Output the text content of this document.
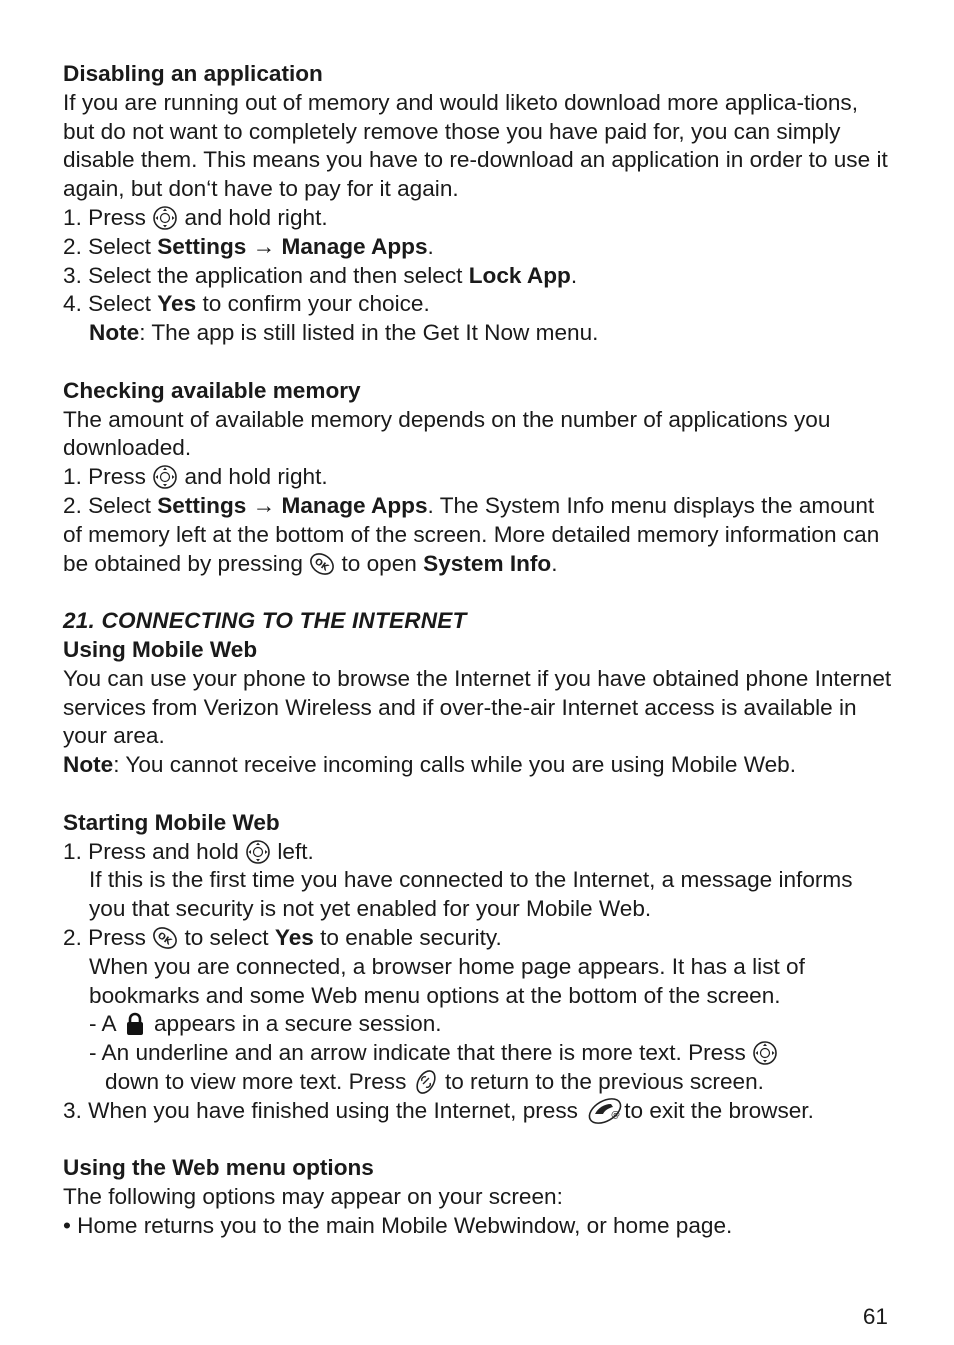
Disabling an application

If you are running out of memory and would liketo download more applica-tions, but do not want to completely remove those you have paid for, you can simply disable them. This means you have to re-download an application in order to use it again, but don‘t have to pay for it again.

1. Press and hold right.
2. Select Settings → Manage Apps.
3. Select the application and then select Lock App.
4. Select Yes to confirm your choice.
Note: The app is still listed in the Get It Now menu.
Checking available memory

The amount of available memory depends on the number of applications you downloaded.

1. Press and hold right.
2. Select Settings → Manage Apps. The System Info menu displays the amount of memory left at the bottom of the screen. More detailed memory information can be obtained by pressing OK to open System Info.
21. CONNECTING TO THE INTERNET
Using Mobile Web

You can use your phone to browse the Internet if you have obtained phone Internet services from Verizon Wireless and if over-the-air Internet access is available in your area.

Note: You cannot receive incoming calls while you are using Mobile Web.
Starting Mobile Web
1. Press and hold left.
If this is the first time you have connected to the Internet, a message informs you that security is not yet enabled for your Mobile Web.
2. Press OK to select Yes to enable security.
When you are connected, a browser home page appears. It has a list of bookmarks and some Web menu options at the bottom of the screen.
- A appears in a secure session.
- An underline and an arrow indicate that there is more text. Press
down to view more text. Press to return to the previous screen.
3. When you have finished using the Internet, press	@ to exit the browser.
Using the Web menu options
The following options may appear on your screen:
• Home returns you to the main Mobile Webwindow, or home page.
61
